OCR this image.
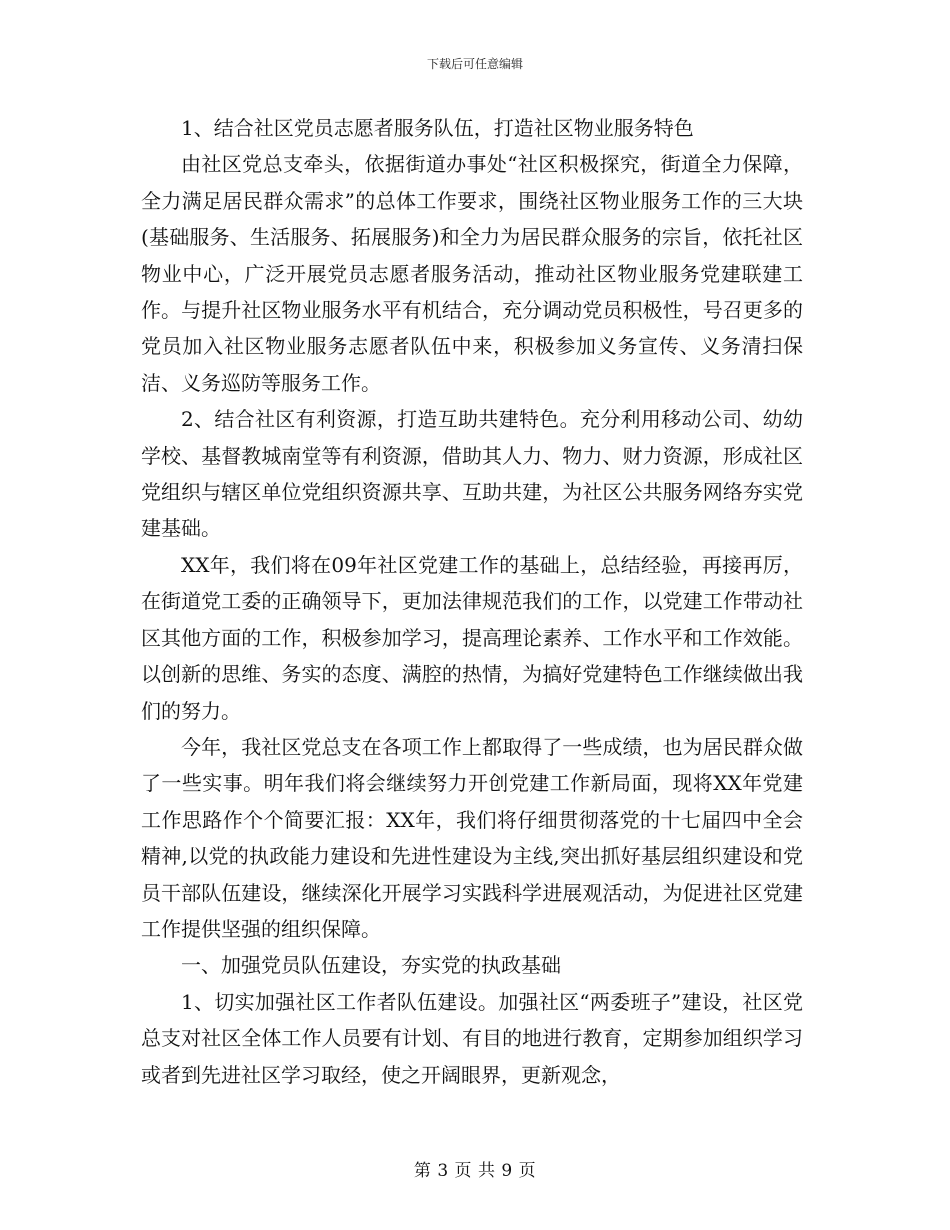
下载后可任意编辑

1、结合社区党员志愿者服务队伍，打造社区物业服务特色

由社区党总支牵头，依据街道办事处“社区积极探究，街道全力保障，全力满足居民群众需求”的总体工作要求，围绕社区物业服务工作的三大块(基础服务、生活服务、拓展服务)和全力为居民群众服务的宗旨，依托社区物业中心，广泛开展党员志愿者服务活动，推动社区物业服务党建联建工作。与提升社区物业服务水平有机结合，充分调动党员积极性，号召更多的党员加入社区物业服务志愿者队伍中来，积极参加义务宣传、义务清扫保洁、义务巡防等服务工作。

2、结合社区有利资源，打造互助共建特色。充分利用移动公司、幼幼学校、基督教城南堂等有利资源，借助其人力、物力、财力资源，形成社区党组织与辖区单位党组织资源共享、互助共建，为社区公共服务网络夯实党建基础。

XX年，我们将在09年社区党建工作的基础上，总结经验，再接再厉，在街道党工委的正确领导下，更加法律规范我们的工作，以党建工作带动社区其他方面的工作，积极参加学习，提高理论素养、工作水平和工作效能。以创新的思维、务实的态度、满腔的热情，为搞好党建特色工作继续做出我们的努力。

今年，我社区党总支在各项工作上都取得了一些成绩，也为居民群众做了一些实事。明年我们将会继续努力开创党建工作新局面，现将XX年党建工作思路作个个简要汇报：XX年，我们将仔细贯彻落党的十七届四中全会精神,以党的执政能力建设和先进性建设为主线,突出抓好基层组织建设和党员干部队伍建设，继续深化开展学习实践科学进展观活动，为促进社区党建工作提供坚强的组织保障。

一、加强党员队伍建设，夯实党的执政基础

1、切实加强社区工作者队伍建设。加强社区“两委班子”建设，社区党总支对社区全体工作人员要有计划、有目的地进行教育，定期参加组织学习或者到先进社区学习取经，使之开阔眼界，更新观念，

第 3 页 共 9 页
